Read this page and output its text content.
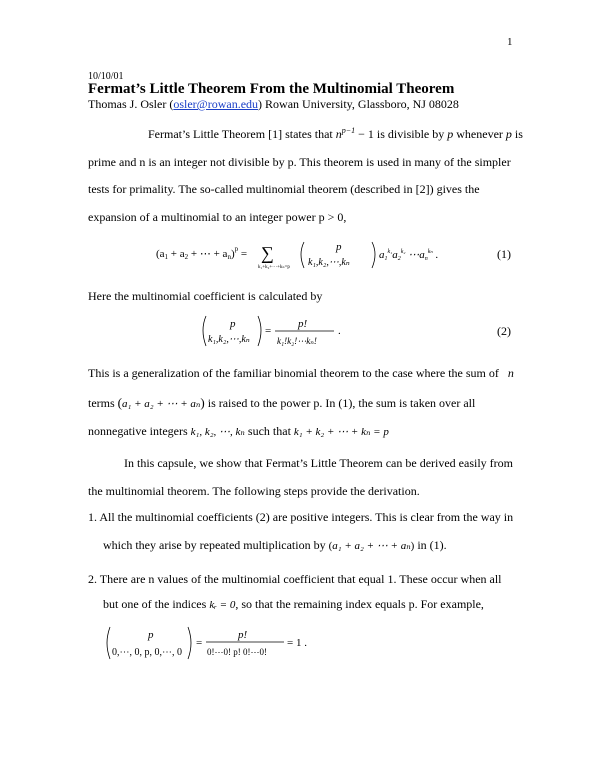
1
10/10/01
Fermat’s Little Theorem From the Multinomial Theorem
Thomas J. Osler (osler@rowan.edu) Rowan University, Glassboro, NJ 08028
Fermat’s Little Theorem [1] states that $n^{p-1} - 1$ is divisible by p whenever p is
prime and n is an integer not divisible by p. This theorem is used in many of the simpler
tests for primality. The so-called multinomial theorem (described in [2]) gives the
expansion of a multinomial to an integer power p > 0,
(a1 + a2 + ⋯ + an)$^p$ = ∑
k₁+k₂+⋯+kₙ=p
p
k₁,k₂,⋯,kₙ
$a1^{k_1}a2^{k_2}$ $\cdots an^{k_n}$ .	(1)
Here the multinomial coefficient is calculated by
p
k₁,k₂,⋯,kₙ
=
p!
k₁!k₂!⋯kₙ!
.	(2)
This is a generalization of the familiar binomial theorem to the case where the sum of n
terms (a₁ + a₂ + ⋯ + aₙ) is raised to the power p. In (1), the sum is taken over all
nonnegative integers k₁, k₂, ⋯, kₙ such that k₁ + k₂ + ⋯ + kₙ = p
In this capsule, we show that Fermat’s Little Theorem can be derived easily from
the multinomial theorem. The following steps provide the derivation.
1. All the multinomial coefficients (2) are positive integers. This is clear from the way in
which they arise by repeated multiplication by (a₁ + a₂ + ⋯ + aₙ) in (1).
2. There are n values of the multinomial coefficient that equal 1. These occur when all
but one of the indices kᵣ = 0, so that the remaining index equals p. For example,
p
0,⋯, 0, p, 0,⋯, 0
=
p!
0!⋯0! p! 0!⋯0!
= 1 .
